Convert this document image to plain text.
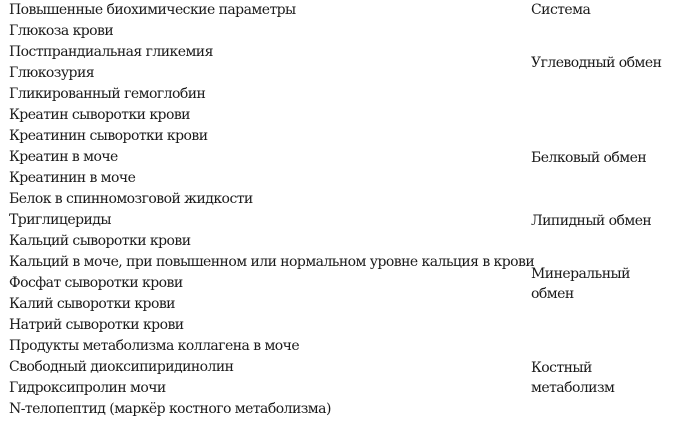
Повышенные биохимические параметры
Глюкоза крови
Постпрандиальная гликемия
Глюкозурия
Гликированный гемоглобин
Креатин сыворотки крови
Креатинин сыворотки крови
Креатин в моче
Креатинин в моче
Белок в спинномозговой жидкости
Триглицериды
Кальций сыворотки крови
Кальций в моче, при повышенном или нормальном уровне кальция в крови
Фосфат сыворотки крови
Калий сыворотки крови
Натрий сыворотки крови
Продукты метаболизма коллагена в моче
Свободный диоксипиридинолин
Гидроксипролин мочи
N-телопептид (маркёр костного метаболизма)
Система
Углеводный обмен
Белковый обмен
Липидный обмен
Минеральный
обмен
Костный
метаболизм
